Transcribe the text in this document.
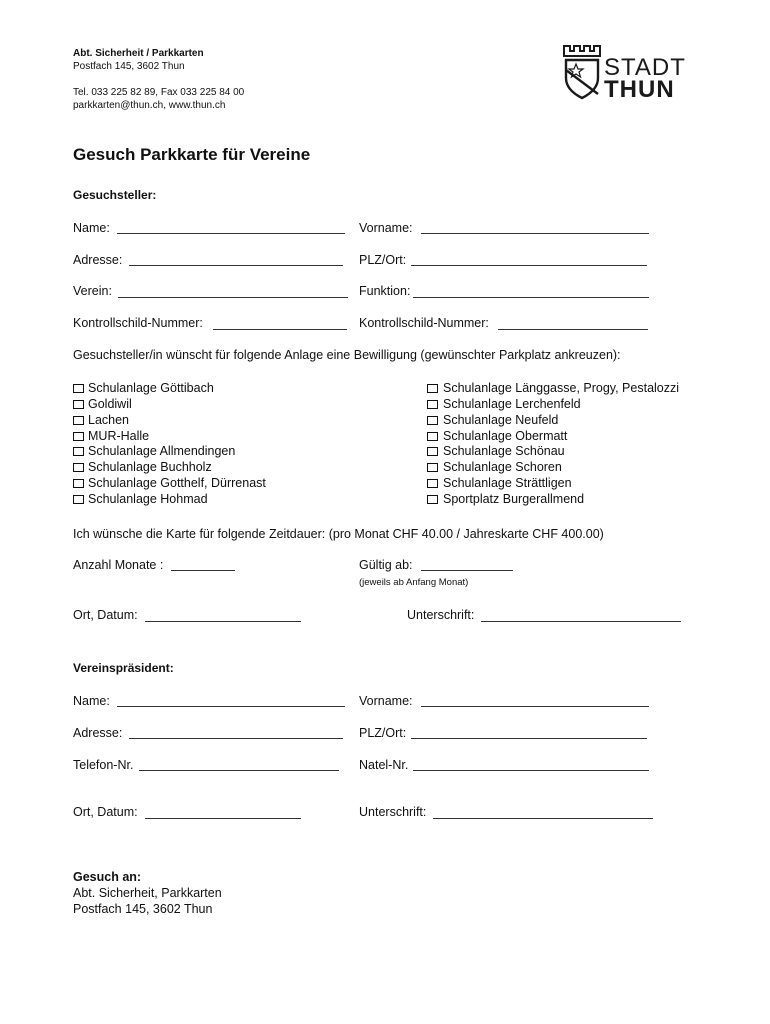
Abt. Sicherheit / Parkkarten
Postfach 145, 3602 Thun
Tel. 033 225 82 89, Fax 033 225 84 00
parkkarten@thun.ch, www.thun.ch
STADT
THUN
Gesuch Parkkarte für Vereine
Gesuchsteller:
Name:	Vorname:
Adresse:	PLZ/Ort:
Verein:	Funktion:
Kontrollschild-Nummer:	Kontrollschild-Nummer:
Gesuchsteller/in wünscht für folgende Anlage eine Bewilligung (gewünschter Parkplatz ankreuzen):
Schulanlage Göttibach
Goldiwil
Lachen
MUR-Halle
Schulanlage Allmendingen
Schulanlage Buchholz
Schulanlage Gotthelf, Dürrenast
Schulanlage Hohmad
Schulanlage Länggasse, Progy, Pestalozzi
Schulanlage Lerchenfeld
Schulanlage Neufeld
Schulanlage Obermatt
Schulanlage Schönau
Schulanlage Schoren
Schulanlage Strättligen
Sportplatz Burgerallmend
Ich wünsche die Karte für folgende Zeitdauer: (pro Monat CHF 40.00 / Jahreskarte CHF 400.00)
Anzahl Monate :	Gültig ab:
(jeweils ab Anfang Monat)
Ort, Datum:	Unterschrift:
Vereinspräsident:
Name:	Vorname:
Adresse:	PLZ/Ort:
Telefon-Nr.	Natel-Nr.
Ort, Datum:	Unterschrift:
Gesuch an:
Abt. Sicherheit, Parkkarten
Postfach 145, 3602 Thun
